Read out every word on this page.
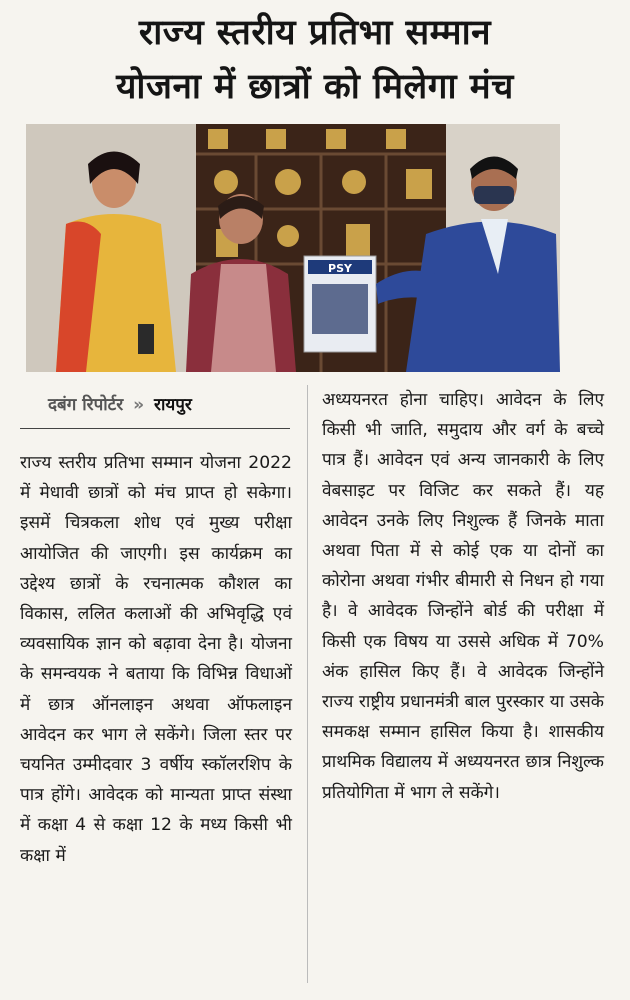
राज्य स्तरीय प्रतिभा सम्मान
योजना में छात्रों को मिलेगा मंच
PSY
दबंग रिपोर्टर » रायपुर
राज्य स्तरीय प्रतिभा सम्मान योजना 2022 में मेधावी छात्रों को मंच प्राप्त हो सकेगा। इसमें चित्रकला शोध एवं मुख्य परीक्षा आयोजित की जाएगी। इस कार्यक्रम का उद्देश्य छात्रों के रचनात्मक कौशल का विकास, ललित कलाओं की अभिवृद्धि एवं व्यवसायिक ज्ञान को बढ़ावा देना है। योजना के समन्वयक ने बताया कि विभिन्न विधाओं में छात्र ऑनलाइन अथवा ऑफलाइन आवेदन कर भाग ले सकेंगे। जिला स्तर पर चयनित उम्मीदवार 3 वर्षीय स्कॉलरशिप के पात्र होंगे। आवेदक को मान्यता प्राप्त संस्था में कक्षा 4 से कक्षा 12 के मध्य किसी भी कक्षा में
अध्ययनरत होना चाहिए। आवेदन के लिए किसी भी जाति, समुदाय और वर्ग के बच्चे पात्र हैं। आवेदन एवं अन्य जानकारी के लिए वेबसाइट पर विजिट कर सकते हैं। यह आवेदन उनके लिए निशुल्क हैं जिनके माता अथवा पिता में से कोई एक या दोनों का कोरोना अथवा गंभीर बीमारी से निधन हो गया है। वे आवेदक जिन्होंने बोर्ड की परीक्षा में किसी एक विषय या उससे अधिक में 70% अंक हासिल किए हैं। वे आवेदक जिन्होंने राज्य राष्ट्रीय प्रधानमंत्री बाल पुरस्कार या उसके समकक्ष सम्मान हासिल किया है। शासकीय प्राथमिक विद्यालय में अध्ययनरत छात्र निशुल्क प्रतियोगिता में भाग ले सकेंगे।
